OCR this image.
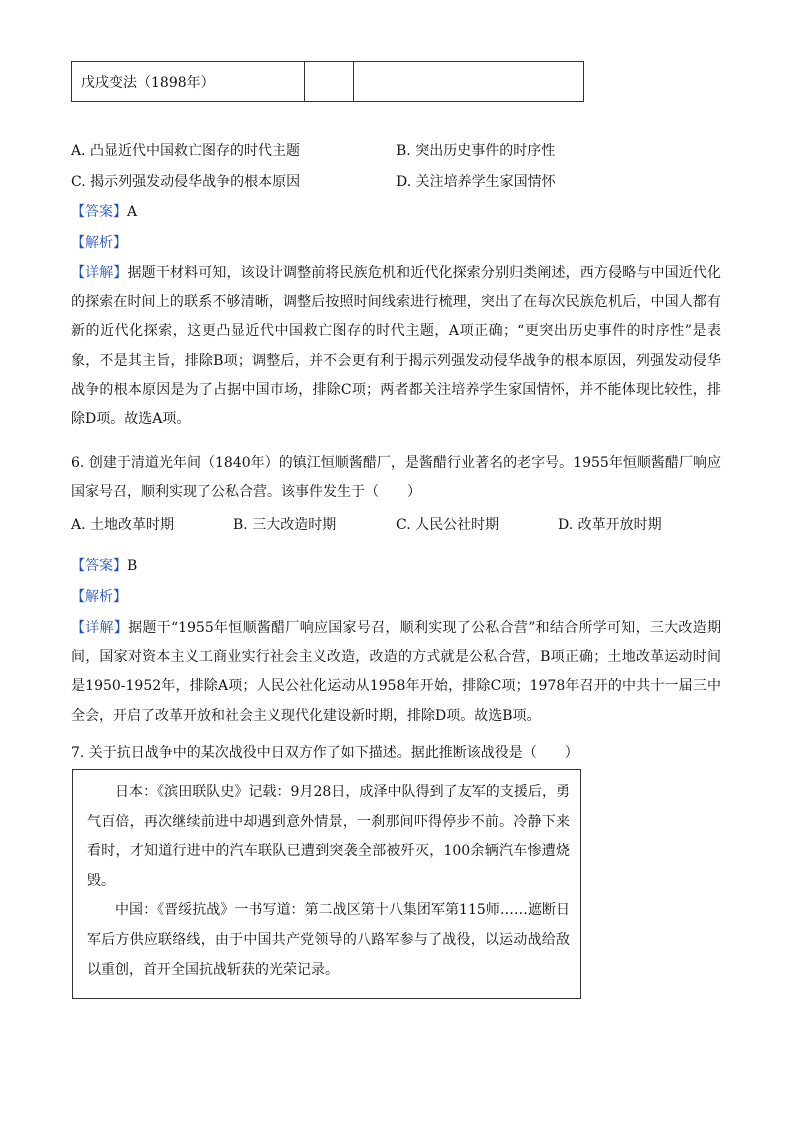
戊戌变法（1898年）
A. 凸显近代中国救亡图存的时代主题	B. 突出历史事件的时序性
C. 揭示列强发动侵华战争的根本原因	D. 关注培养学生家国情怀
【答案】A
【解析】
【详解】据题干材料可知，该设计调整前将民族危机和近代化探索分别归类阐述，西方侵略与中国近代化的探索在时间上的联系不够清晰，调整后按照时间线索进行梳理，突出了在每次民族危机后，中国人都有新的近代化探索，这更凸显近代中国救亡图存的时代主题，A项正确；“更突出历史事件的时序性”是表象，不是其主旨，排除B项；调整后，并不会更有利于揭示列强发动侵华战争的根本原因，列强发动侵华战争的根本原因是为了占据中国市场，排除C项；两者都关注培养学生家国情怀，并不能体现比较性，排除D项。故选A项。
6. 创建于清道光年间（1840年）的镇江恒顺酱醋厂，是酱醋行业著名的老字号。1955年恒顺酱醋厂响应国家号召，顺利实现了公私合营。该事件发生于（　　）
A. 土地改革时期	B. 三大改造时期	C. 人民公社时期	D. 改革开放时期
【答案】B
【解析】
【详解】据题干“1955年恒顺酱醋厂响应国家号召，顺利实现了公私合营”和结合所学可知，三大改造期间，国家对资本主义工商业实行社会主义改造，改造的方式就是公私合营，B项正确；土地改革运动时间是1950-1952年，排除A项；人民公社化运动从1958年开始，排除C项；1978年召开的中共十一届三中全会，开启了改革开放和社会主义现代化建设新时期，排除D项。故选B项。
7. 关于抗日战争中的某次战役中日双方作了如下描述。据此推断该战役是（　　）

日本：《滨田联队史》记载：9月28日，成泽中队得到了友军的支援后，勇气百倍，再次继续前进中却遇到意外情景，一刹那间吓得停步不前。冷静下来看时，才知道行进中的汽车联队已遭到突袭全部被歼灭，100余辆汽车惨遭烧毁。

中国：《晋绥抗战》一书写道：第二战区第十八集团军第115师……遮断日军后方供应联络线，由于中国共产党领导的八路军参与了战役，以运动战给敌以重创，首开全国抗战斩获的光荣记录。
